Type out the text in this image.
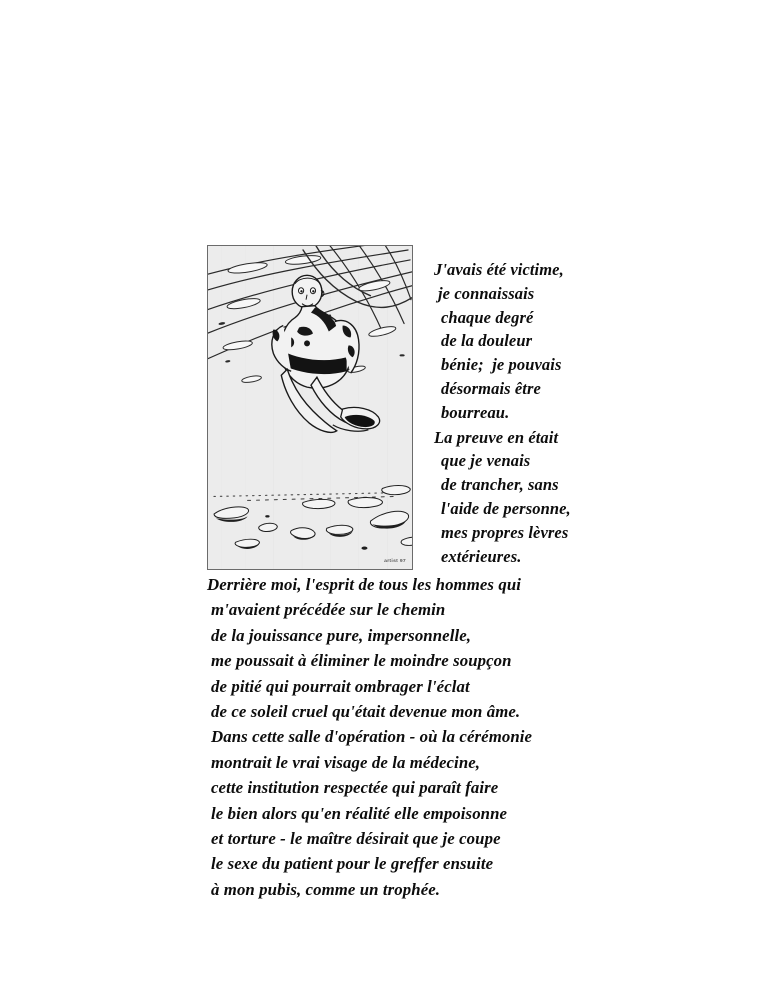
artist 97
J'avais été victime,
je connaissais
chaque degré
de la douleur
bénie;  je pouvais
désormais être
bourreau.
La preuve en était
que je venais
de trancher, sans
l'aide de personne,
mes propres lèvres
extérieures.
Derrière moi, l'esprit de tous les hommes qui
m'avaient précédée sur le chemin
de la jouissance pure, impersonnelle,
me poussait à éliminer le moindre soupçon
de pitié qui pourrait ombrager l'éclat
de ce soleil cruel qu'était devenue mon âme.
Dans cette salle d'opération - où la cérémonie
montrait le vrai visage de la médecine,
cette institution respectée qui paraît faire
le bien alors qu'en réalité elle empoisonne
et torture - le maître désirait que je coupe
le sexe du patient pour le greffer ensuite
à mon pubis, comme un trophée.
